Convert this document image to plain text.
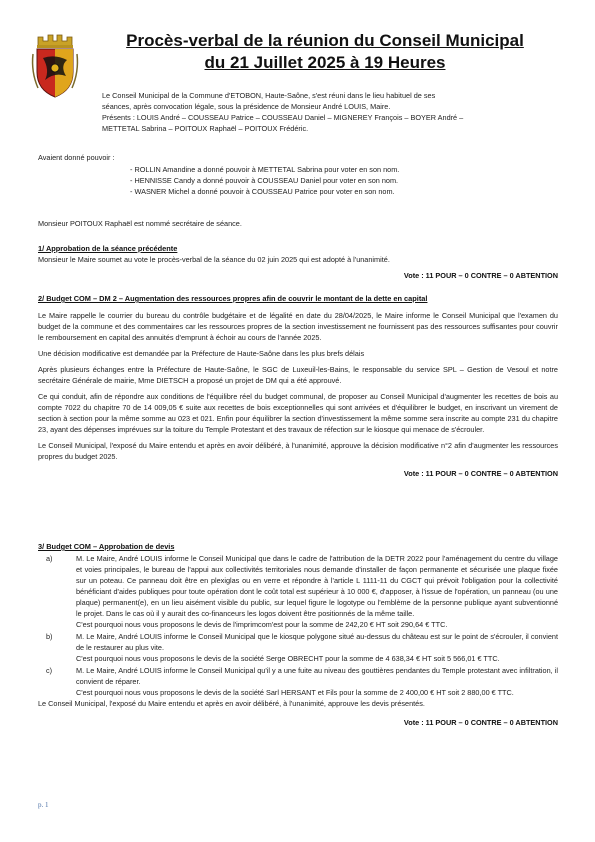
Procès-verbal de la réunion du Conseil Municipal
du 21 Juillet 2025 à 19 Heures

Le Conseil Municipal de la Commune d'ETOBON, Haute-Saône, s'est réuni dans le lieu habituel de ses

séances, après convocation légale, sous la présidence de Monsieur André LOUIS, Maire.

Présents : LOUIS André – COUSSEAU Patrice – COUSSEAU Daniel – MIGNEREY François – BOYER André –

METTETAL Sabrina – POITOUX Raphaël – POITOUX Frédéric.

Avaient donné pouvoir :

- ROLLIN Amandine a donné pouvoir à METTETAL Sabrina pour voter en son nom.

- HENNISSE Candy a donné pouvoir à COUSSEAU Daniel pour voter en son nom.

- WASNER Michel a donné pouvoir à COUSSEAU Patrice pour voter en son nom.

Monsieur POITOUX Raphaël est nommé secrétaire de séance.

1/ Approbation de la séance précédente

Monsieur le Maire soumet au vote le procès-verbal de la séance du 02 juin 2025 qui est adopté à l'unanimité.

Vote : 11 POUR – 0 CONTRE – 0 ABTENTION

2/ Budget COM – DM 2 – Augmentation des ressources propres afin de couvrir le montant de la dette en capital

Le Maire rappelle le courrier du bureau du contrôle budgétaire et de légalité en date du 28/04/2025, le Maire informe le Conseil Municipal que l'examen du budget de la commune et des commentaires car les ressources propres de la section investissement ne fournissent pas des ressources suffisantes pour couvrir le remboursement en capital des annuités d'emprunt à échoir au cours de l'année 2025.

Une décision modificative est demandée par la Préfecture de Haute-Saône dans les plus brefs délais

Après plusieurs échanges entre la Préfecture de Haute-Saône, le SGC de Luxeuil-les-Bains, le responsable du service SPL – Gestion de Vesoul et notre secrétaire Générale de mairie, Mme DIETSCH a proposé un projet de DM qui a été approuvé.

Ce qui conduit, afin de répondre aux conditions de l'équilibre réel du budget communal, de proposer au Conseil Municipal d'augmenter les recettes de bois au compte 7022 du chapitre 70 de 14 009,05 € suite aux recettes de bois exceptionnelles qui sont arrivées et d'équilibrer le budget, en inscrivant un virement de section à section pour la même somme au 023 et 021. Enfin pour équilibrer la section d'investissement la même somme sera inscrite au compte 231 du chapitre 23, ayant des dépenses imprévues sur la toiture du Temple Protestant et des travaux de réfection sur le kiosque qui menace de s'écrouler.

Le Conseil Municipal, l'exposé du Maire entendu et après en avoir délibéré, à l'unanimité, approuve la décision modificative n°2 afin d'augmenter les ressources propres du budget 2025.

Vote : 11 POUR – 0 CONTRE – 0 ABTENTION

3/ Budget COM – Approbation de devis
a)	M. Le Maire, André LOUIS informe le Conseil Municipal que dans le cadre de l'attribution de la DETR 2022 pour l'aménagement du centre du village et voies principales, le bureau de l'appui aux collectivités territoriales nous demande d'installer de façon permanente et sécurisée une plaque fixée sur un poteau. Ce panneau doit être en plexiglas ou en verre et répondre à l'article L 1111-11 du CGCT qui prévoit l'obligation pour la collectivité bénéficiant d'aides publiques pour toute opération dont le coût total est supérieur à 10 000 €, d'apposer, à l'issue de l'opération, un panneau (ou une plaque) permanent(e), en un lieu aisément visible du public, sur lequel figure le logotype ou l'emblème de la personne publique ayant subventionné le projet. Dans le cas où il y aurait des co-financeurs les logos doivent être positionnés de la même taille.

C'est pourquoi nous vous proposons le devis de l'imprimcom'est pour la somme de 242,20 € HT soit 290,64 € TTC.

b)	M. Le Maire, André LOUIS informe le Conseil Municipal que le kiosque polygone situé au-dessus du château est sur le point de s'écrouler, il convient de le restaurer au plus vite.

C'est pourquoi nous vous proposons le devis de la société Serge OBRECHT pour la somme de 4 638,34 € HT soit 5 566,01 € TTC.

c)	M. Le Maire, André LOUIS informe le Conseil Municipal qu'il y a une fuite au niveau des gouttières pendantes du Temple protestant avec infiltration, il convient de réparer.

C'est pourquoi nous vous proposons le devis de la société Sarl HERSANT et Fils pour la somme de 2 400,00 € HT soit 2 880,00 € TTC.

Le Conseil Municipal, l'exposé du Maire entendu et après en avoir délibéré, à l'unanimité, approuve les devis présentés.

Vote : 11 POUR – 0 CONTRE – 0 ABTENTION

p. 1
